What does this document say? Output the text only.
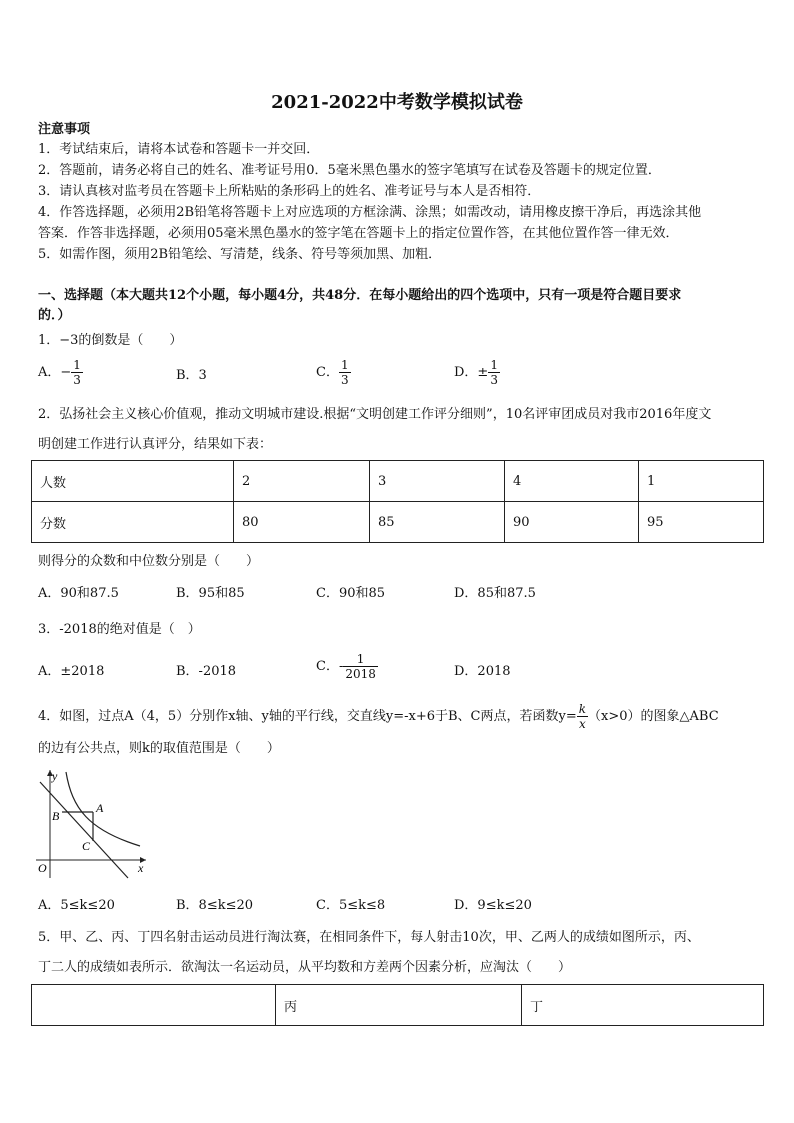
2021-2022中考数学模拟试卷
注意事项
1．考试结束后，请将本试卷和答题卡一并交回．
2．答题前，请务必将自己的姓名、准考证号用0．5毫米黑色墨水的签字笔填写在试卷及答题卡的规定位置．
3．请认真核对监考员在答题卡上所粘贴的条形码上的姓名、准考证号与本人是否相符．
4．作答选择题，必须用2B铅笔将答题卡上对应选项的方框涂满、涂黑；如需改动，请用橡皮擦干净后，再选涂其他
答案．作答非选择题，必须用05毫米黑色墨水的签字笔在答题卡上的指定位置作答，在其他位置作答一律无效．
5．如需作图，须用2B铅笔绘、写清楚，线条、符号等须加黑、加粗．
一、选择题（本大题共12个小题，每小题4分，共48分．在每小题给出的四个选项中，只有一项是符合题目要求
的．）
1．−3的倒数是（　　）
A．− $\frac{1}{3}$	B．3	C． $\frac{1}{3}$	D．± $\frac{1}{3}$
2．弘扬社会主义核心价值观，推动文明城市建设.根据“文明创建工作评分细则”，10名评审团成员对我市2016年度文
明创建工作进行认真评分，结果如下表：
人数	2	3	4	1
分数	80	85	90	95
则得分的众数和中位数分别是（　　）
A．90和87.5	B．95和85	C．90和85	D．85和87.5
3．-2018的绝对值是（　）
A．±2018	B．-2018	C．- $\frac{1}{2018}$	D．2018
4．如图，过点A（4，5）分别作x轴、y轴的平行线，交直线y=-x+6于B、C两点，若函数$y= \frac{k}{x} (x>0)$的图象△ABC
的边有公共点，则k的取值范围是（　　）
y
x
O
A
B
C
A．5≤k≤20	B．8≤k≤20	C．5≤k≤8	D．9≤k≤20
5．甲、乙、丙、丁四名射击运动员进行淘汰赛，在相同条件下，每人射击10次，甲、乙两人的成绩如图所示，丙、
丁二人的成绩如表所示．欲淘汰一名运动员，从平均数和方差两个因素分析，应淘汰（　　）
	丙	丁
